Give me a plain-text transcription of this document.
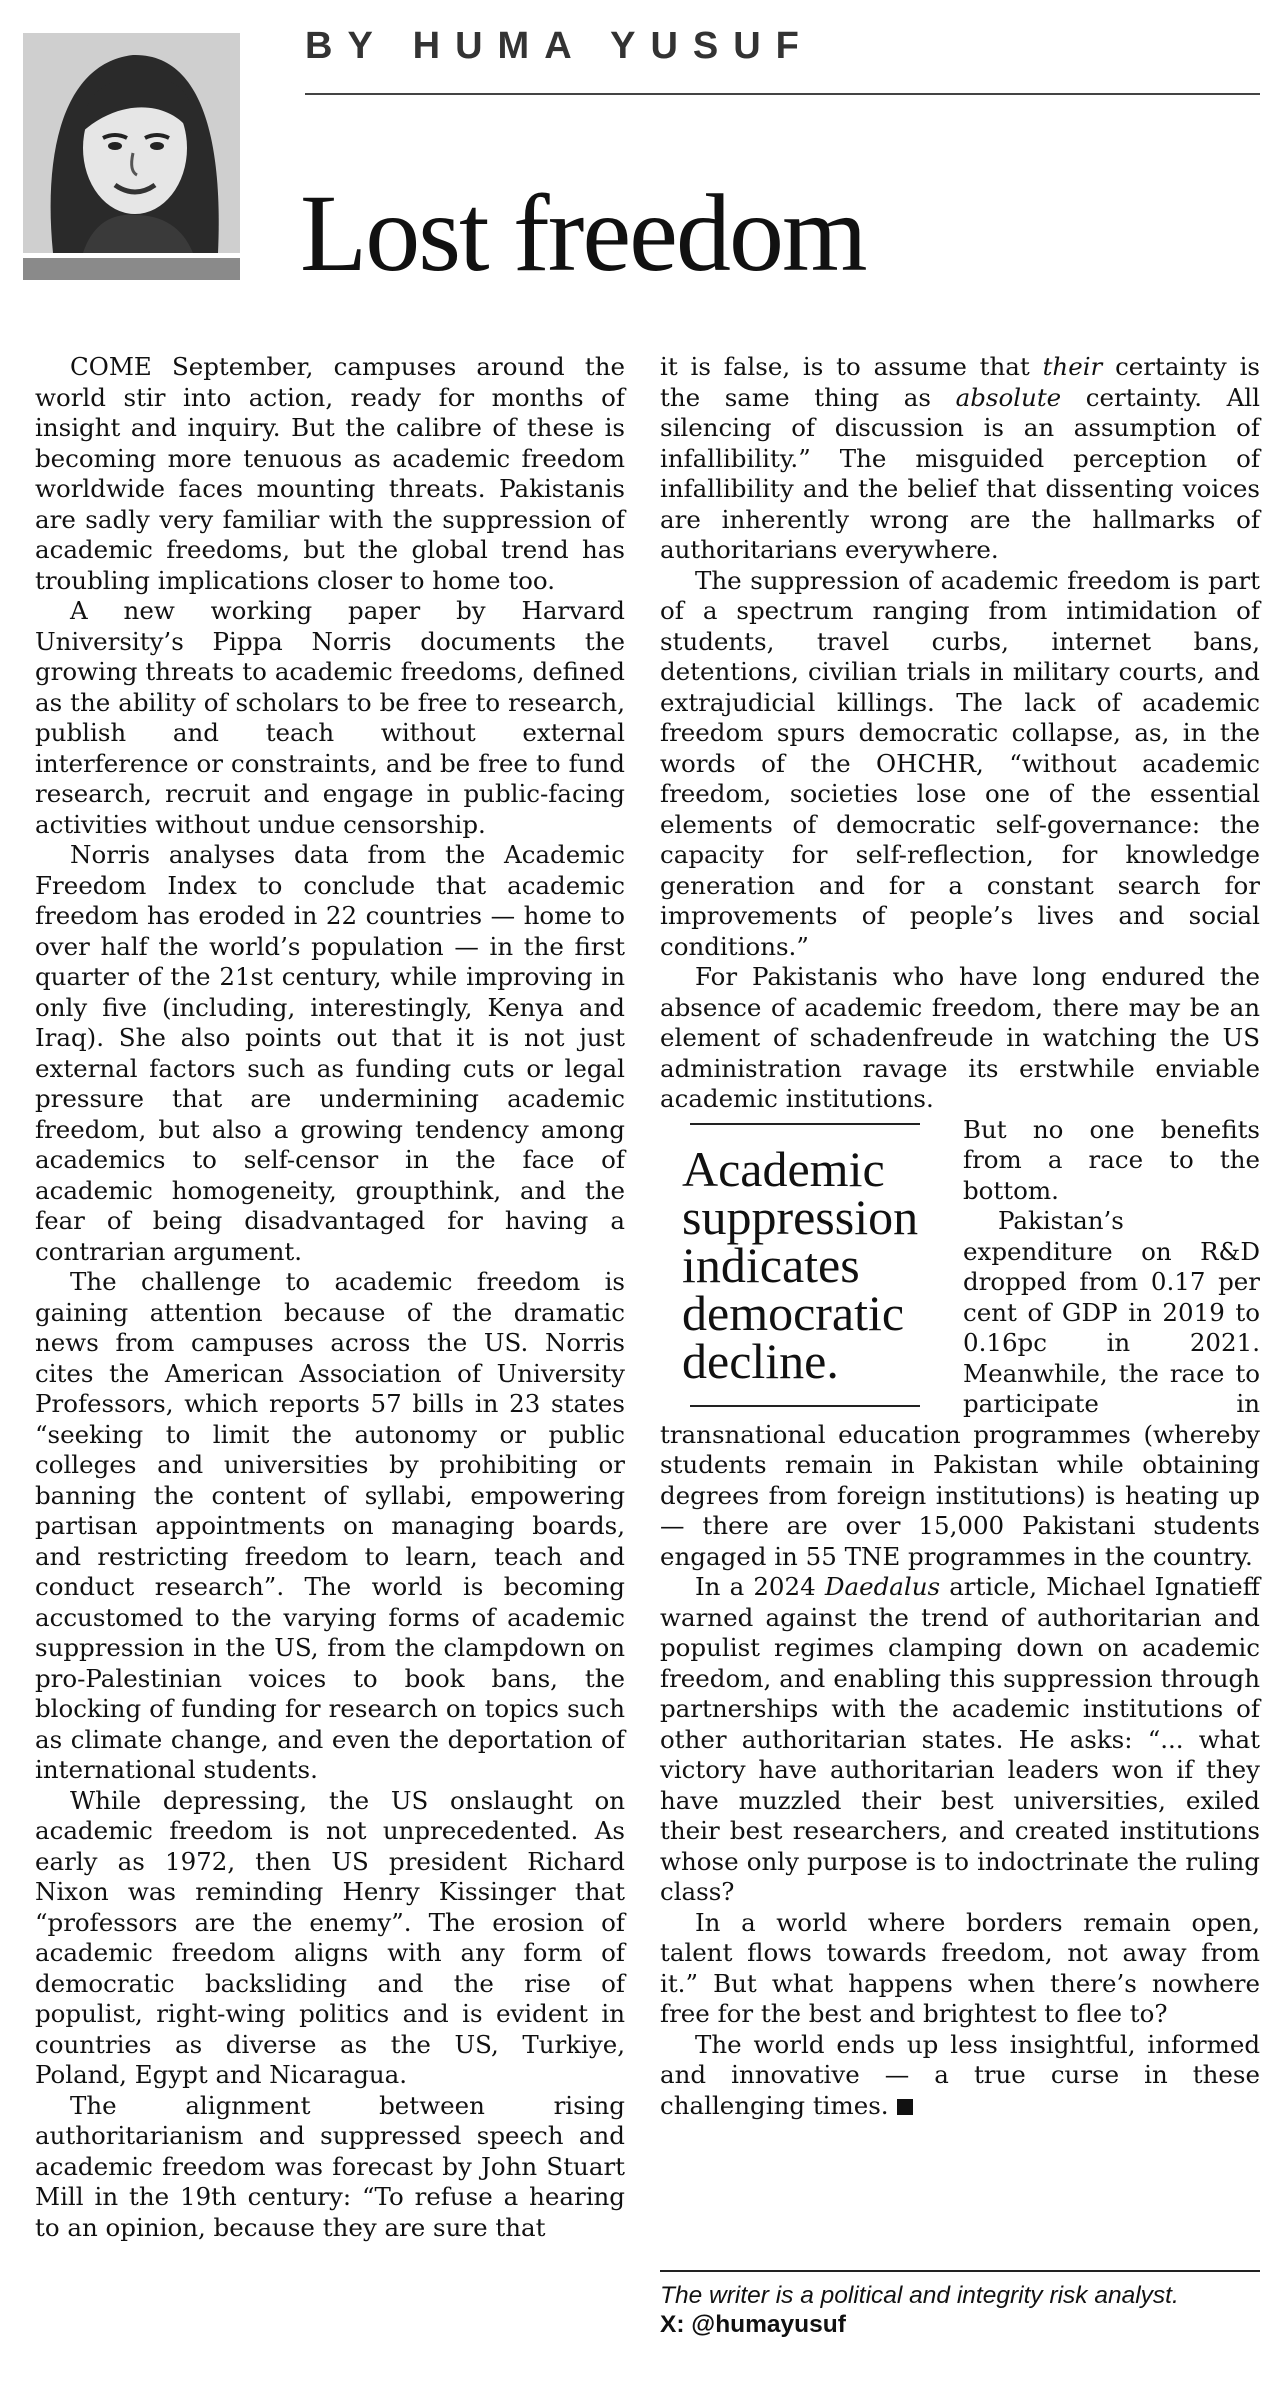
BY HUMA YUSUF
Lost freedom

COME September, campuses around the world stir into action, ready for months of insight and inquiry. But the calibre of these is becoming more tenuous as academic freedom worldwide faces mounting threats. Pakistanis are sadly very familiar with the suppression of academic freedoms, but the global trend has troubling implications closer to home too.

A new working paper by Harvard University’s Pippa Norris documents the growing threats to academic freedoms, defined as the ability of scholars to be free to research, publish and teach without external interference or constraints, and be free to fund research, recruit and engage in public-facing activities without undue censorship.

Norris analyses data from the Academic Freedom Index to conclude that academic freedom has eroded in 22 countries — home to over half the world’s population — in the first quarter of the 21st century, while improving in only five (including, interestingly, Kenya and Iraq). She also points out that it is not just external factors such as funding cuts or legal pressure that are undermining academic freedom, but also a growing tendency among academics to self-censor in the face of academic homogeneity, groupthink, and the fear of being disadvantaged for having a contrarian argument.

The challenge to academic freedom is gaining attention because of the dramatic news from campuses across the US. Norris cites the American Association of University Professors, which reports 57 bills in 23 states “seeking to limit the autonomy or public colleges and universities by prohibiting or banning the content of syllabi, empowering partisan appointments on managing boards, and restricting freedom to learn, teach and conduct research”. The world is becoming accustomed to the varying forms of academic suppression in the US, from the clampdown on pro-Palestinian voices to book bans, the blocking of funding for research on topics such as climate change, and even the deportation of international students.

While depressing, the US onslaught on academic freedom is not unprecedented. As early as 1972, then US president Richard Nixon was reminding Henry Kissinger that “professors are the enemy”. The erosion of academic freedom aligns with any form of democratic backsliding and the rise of populist, right-wing politics and is evident in countries as diverse as the US, Turkiye, Poland, Egypt and Nicaragua.

The alignment between rising authoritarianism and suppressed speech and academic freedom was forecast by John Stuart Mill in the 19th century: “To refuse a hearing to an opinion, because they are sure that

it is false, is to assume that their certainty is the same thing as absolute certainty. All silencing of discussion is an assumption of infallibility.” The misguided perception of infallibility and the belief that dissenting voices are inherently wrong are the hallmarks of authoritarians everywhere.

The suppression of academic freedom is part of a spectrum ranging from intimidation of students, travel curbs, internet bans, detentions, civilian trials in military courts, and extrajudicial killings. The lack of academic freedom spurs democratic collapse, as, in the words of the OHCHR, “without academic freedom, societies lose one of the essential elements of democratic self-governance: the capacity for self-reflection, for knowledge generation and for a constant search for improvements of people’s lives and social conditions.”

For Pakistanis who have long endured the absence of academic freedom, there may be an element of schadenfreude in watching the US administration ravage its erstwhile enviable academic institutions.

Academic suppression indicates democratic decline.

But no one benefits from a race to the bottom.

Pakistan’s expenditure on R&D dropped from 0.17 per cent of GDP in 2019 to 0.16pc in 2021. Meanwhile, the race to participate in transnational education programmes (whereby students remain in Pakistan while obtaining degrees from foreign institutions) is heating up — there are over 15,000 Pakistani students engaged in 55 TNE programmes in the country.

In a 2024 Daedalus article, Michael Ignatieff warned against the trend of authoritarian and populist regimes clamping down on academic freedom, and enabling this suppression through partnerships with the academic institutions of other authoritarian states. He asks: “... what victory have authoritarian leaders won if they have muzzled their best universities, exiled their best researchers, and created institutions whose only purpose is to indoctrinate the ruling class?

In a world where borders remain open, talent flows towards freedom, not away from it.” But what happens when there’s nowhere free for the best and brightest to flee to?

The world ends up less insightful, informed and innovative — a true curse in these challenging times.

The writer is a political and integrity risk analyst.
X: @humayusuf
